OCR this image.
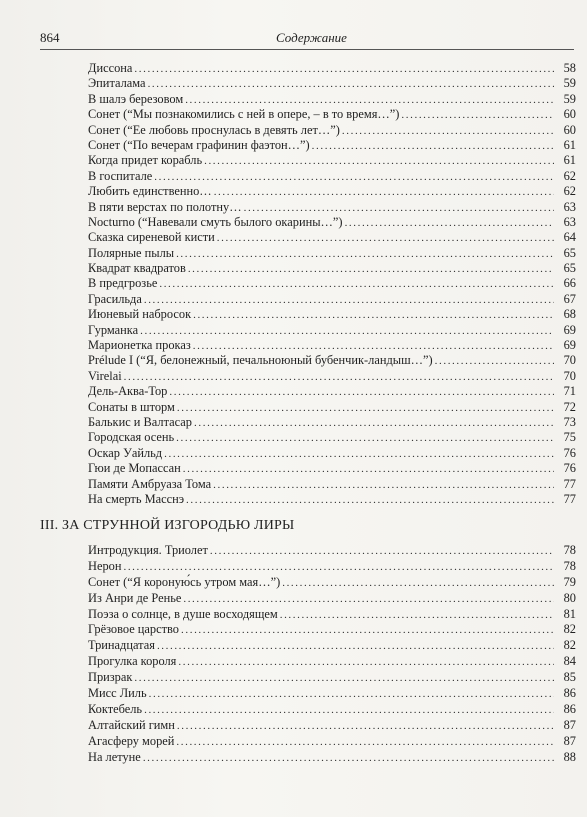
864	Содержание
Диссона .....	58
Эпиталама .....	59
В шалэ березовом .....	59
Сонет (“Мы познакомились с ней в опере, – в то время…”) .....	60
Сонет (“Ее любовь проснулась в девять лет…”) .....	60
Сонет (“По вечерам графинин фаэтон…”) .....	61
Когда придет корабль .....	61
В госпитале .....	62
Любить единственно… .....	62
В пяти верстах по полотну… .....	63
Nocturno (“Навевали смуть былого окарины…”) .....	63
Сказка сиреневой кисти .....	64
Полярные пылы .....	65
Квадрат квадратов .....	65
В предгрозье .....	66
Грасильда .....	67
Июневый набросок .....	68
Гурманка .....	69
Марионетка проказ .....	69
Prélude I (“Я, белонежный, печальноюный бубенчик-ландыш…”) .....	70
Virelai .....	70
Дель-Аква-Тор .....	71
Сонаты в шторм .....	72
Балькис и Валтасар .....	73
Городская осень .....	75
Оскар Уайльд .....	76
Гюи де Мопассан .....	76
Памяти Амбруаза Тома .....	77
На смерть Масснэ .....	77
III. ЗА СТРУННОЙ ИЗГОРОДЬЮ ЛИРЫ
Интродукция. Триолет .....	78
Нерон .....	78
Сонет (“Я короную́сь утром мая…”) .....	79
Из Анри де Ренье .....	80
Поэза о солнце, в душе восходящем .....	81
Грёзовое царство .....	82
Тринадцатая .....	82
Прогулка короля .....	84
Призрак .....	85
Мисс Лиль .....	86
Коктебель .....	86
Алтайский гимн .....	87
Агасферу морей .....	87
На летуне .....	88
